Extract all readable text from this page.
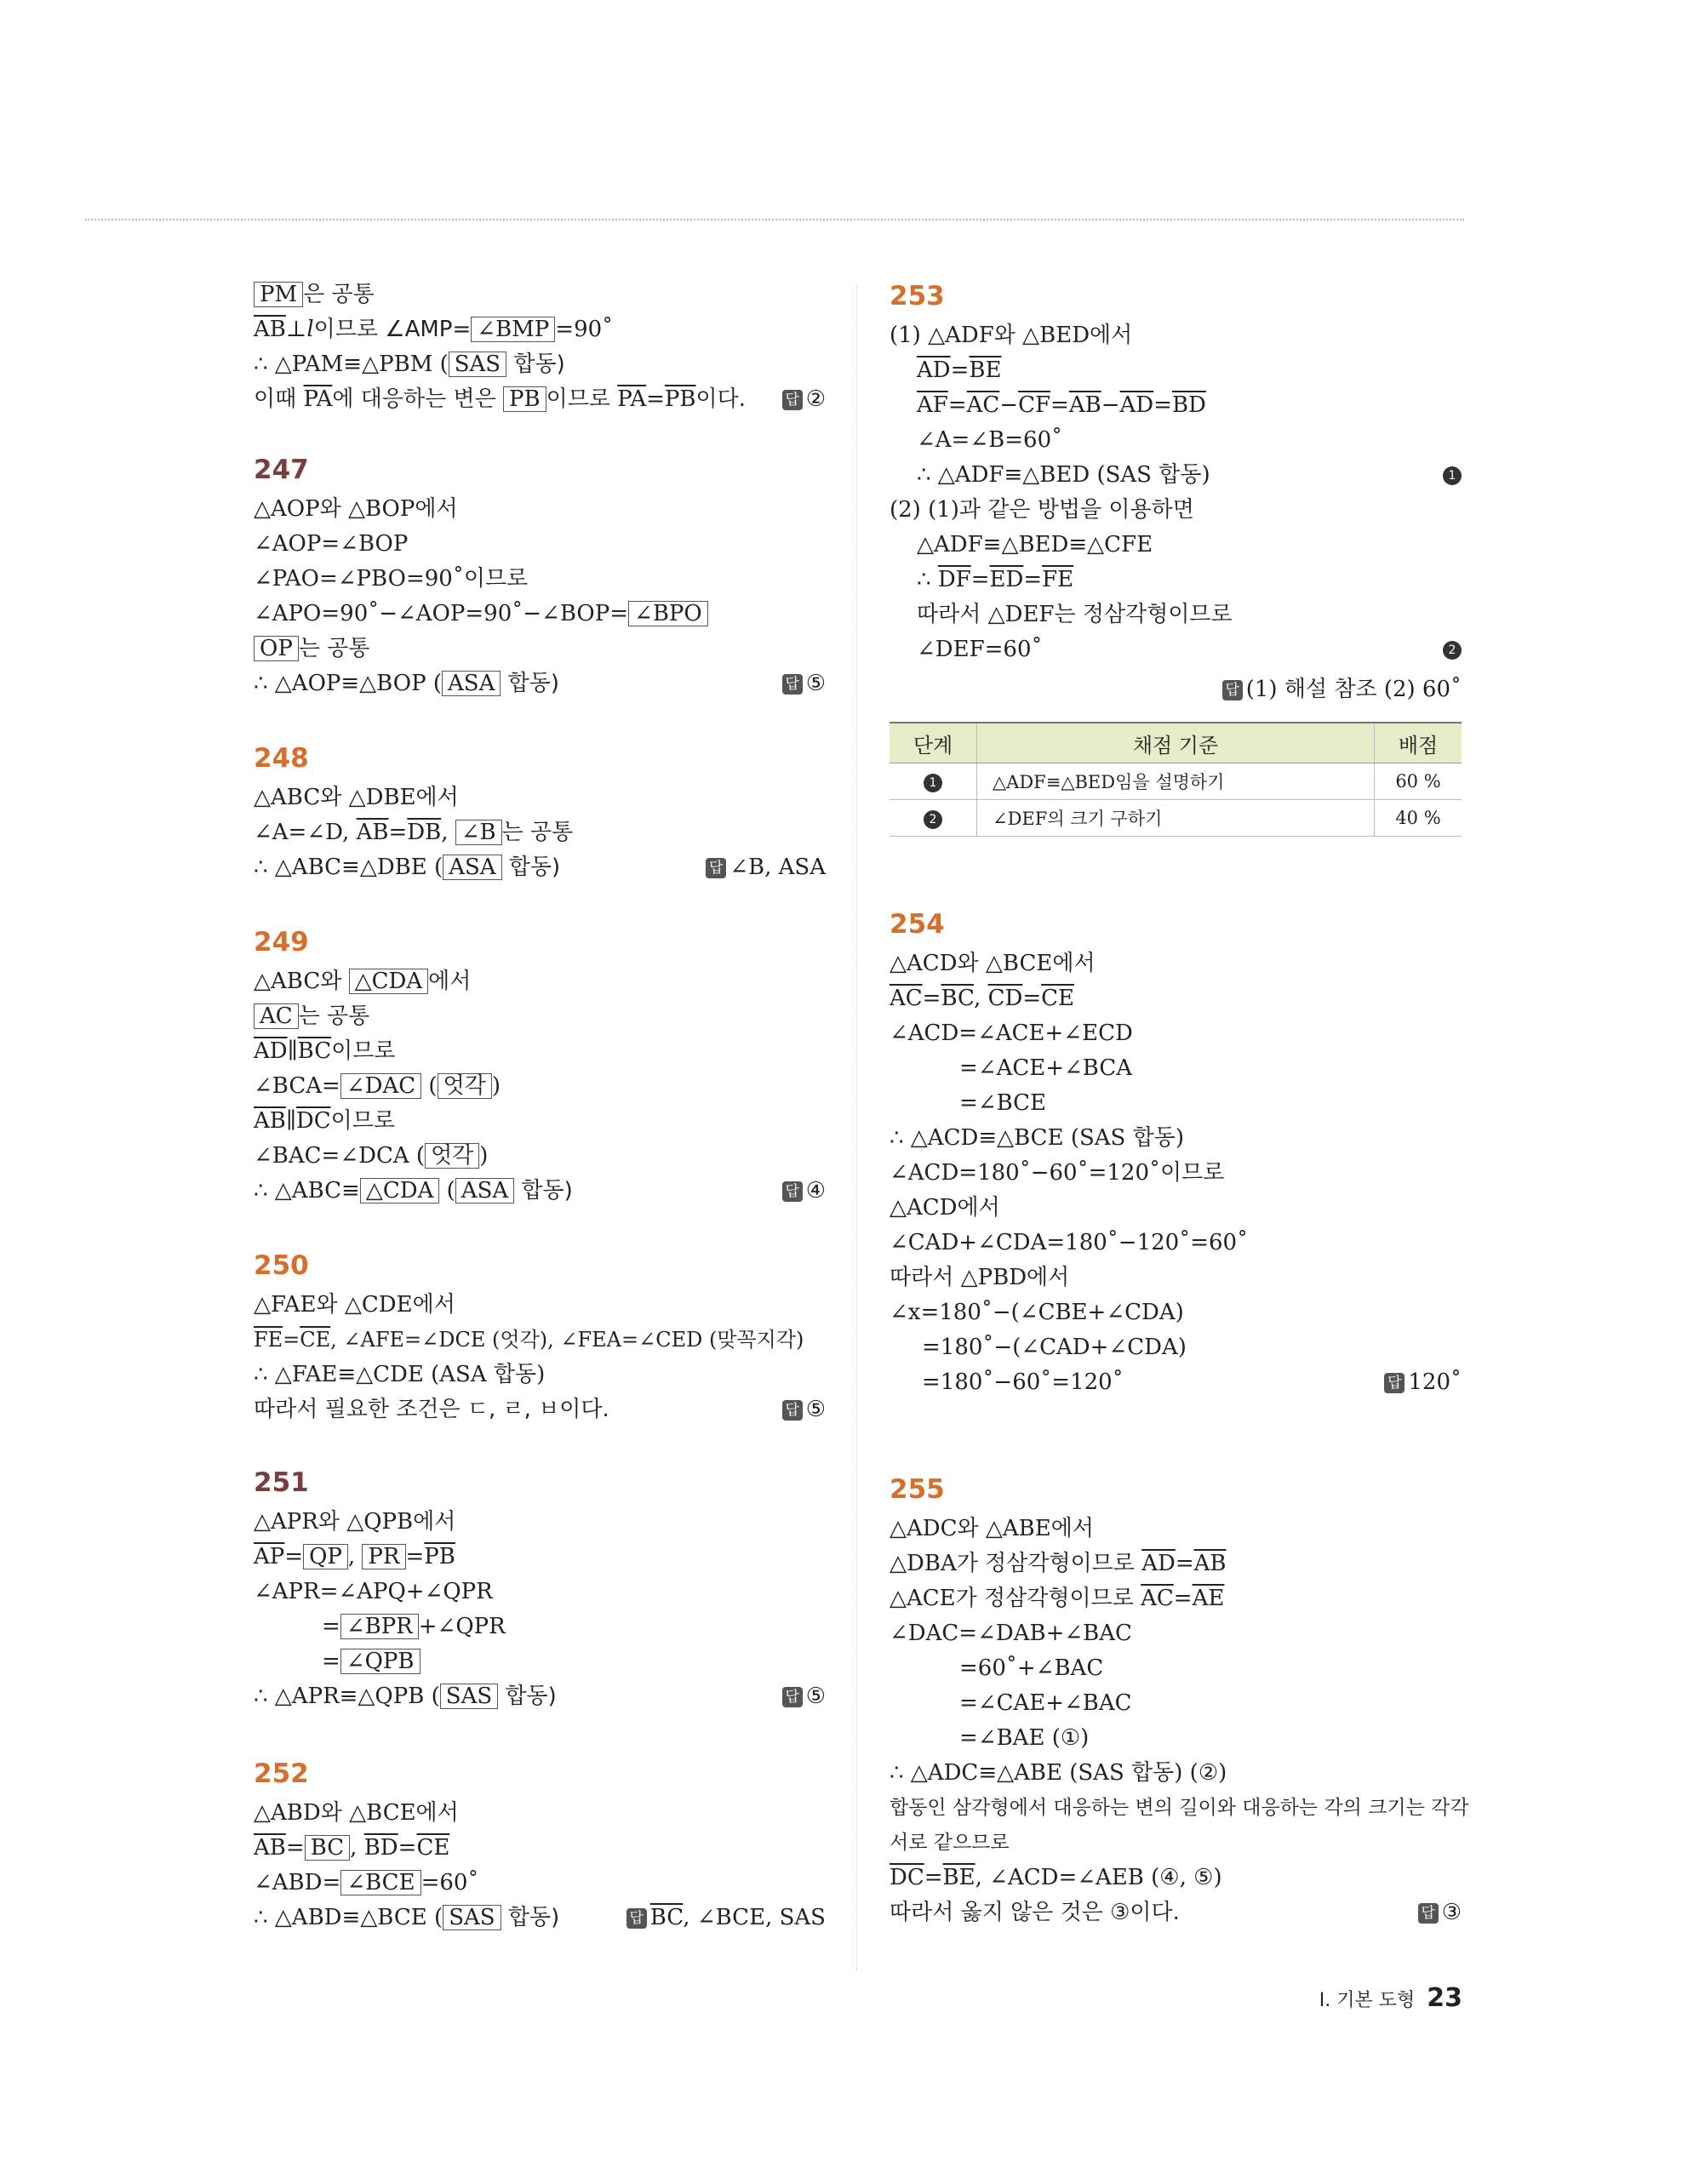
PM 은 공통
$\overline{AB}\perp l$이므로 ∠AMP= ∠BMP =90˚
∴ △PAM≡△PBM ( SAS 합동)
이때 $\overline{PA}$에 대응하는 변은 PB 이므로 $\overline{PA}=\overline{PB}$이다.	답 ②
247
△AOP와 △BOP에서
∠AOP=∠BOP
∠PAO=∠PBO=90˚이므로
∠APO=90˚−∠AOP=90˚−∠BOP= ∠BPO
OP 는 공통
∴ △AOP≡△BOP ( ASA 합동)	답 ⑤
248
△ABC와 △DBE에서
∠A=∠D, $\overline{AB}=\overline{DB}$, ∠B 는 공통
∴ △ABC≡△DBE ( ASA 합동)	답 ∠B, ASA
249
△ABC와 △CDA 에서
AC 는 공통
$\overline{AD}\parallel\overline{BC}$이므로
∠BCA= ∠DAC ( 엇각 )
$\overline{AB}\parallel\overline{DC}$이므로
∠BAC=∠DCA ( 엇각 )
∴ △ABC≡ △CDA ( ASA 합동)	답 ④
250
△FAE와 △CDE에서
$\overline{FE}=\overline{CE}$, ∠AFE=∠DCE (엇각), ∠FEA=∠CED (맞꼭지각)
∴ △FAE≡△CDE (ASA 합동)
따라서 필요한 조건은 ㄷ, ㄹ, ㅂ이다.	답 ⑤
251
△APR와 △QPB에서
$\overline{AP}=$ QP , PR $=\overline{PB}$
∠APR=∠APQ+∠QPR
= ∠BPR +∠QPR
= ∠QPB
∴ △APR≡△QPB ( SAS 합동)	답 ⑤
252
△ABD와 △BCE에서
$\overline{AB}=$ BC , $\overline{BD}=\overline{CE}$
∠ABD= ∠BCE =60˚
∴ △ABD≡△BCE ( SAS 합동)	답 $\overline{BC}$, ∠BCE, SAS
253
(1) △ADF와 △BED에서
$\overline{AD}=\overline{BE}$
$\overline{AF}=\overline{AC}-\overline{CF}=\overline{AB}-\overline{AD}=\overline{BD}$
∠A=∠B=60˚
∴ △ADF≡△BED (SAS 합동)	1
(2) (1)과 같은 방법을 이용하면
△ADF≡△BED≡△CFE
∴ $\overline{DF}=\overline{ED}=\overline{FE}$
따라서 △DEF는 정삼각형이므로
∠DEF=60˚	2
답 (1) 해설 참조 (2) 60˚
단계	채점 기준	배점
1	△ADF≡△BED임을 설명하기	60 %
2	∠DEF의 크기 구하기	40 %
254
△ACD와 △BCE에서
$\overline{AC}=\overline{BC}$, $\overline{CD}=\overline{CE}$
∠ACD=∠ACE+∠ECD
=∠ACE+∠BCA
=∠BCE
∴ △ACD≡△BCE (SAS 합동)
∠ACD=180˚−60˚=120˚이므로
△ACD에서
∠CAD+∠CDA=180˚−120˚=60˚
따라서 △PBD에서
∠x=180˚−(∠CBE+∠CDA)
=180˚−(∠CAD+∠CDA)
=180˚−60˚=120˚	답 120˚
255
△ADC와 △ABE에서
△DBA가 정삼각형이므로 $\overline{AD}=\overline{AB}$
△ACE가 정삼각형이므로 $\overline{AC}=\overline{AE}$
∠DAC=∠DAB+∠BAC
=60˚+∠BAC
=∠CAE+∠BAC
=∠BAE (①)
∴ △ADC≡△ABE (SAS 합동) (②)
합동인 삼각형에서 대응하는 변의 길이와 대응하는 각의 크기는 각각
서로 같으므로
$\overline{DC}=\overline{BE}$, ∠ACD=∠AEB (④, ⑤)
따라서 옳지 않은 것은 ③이다.	답 ③
I. 기본 도형 23
